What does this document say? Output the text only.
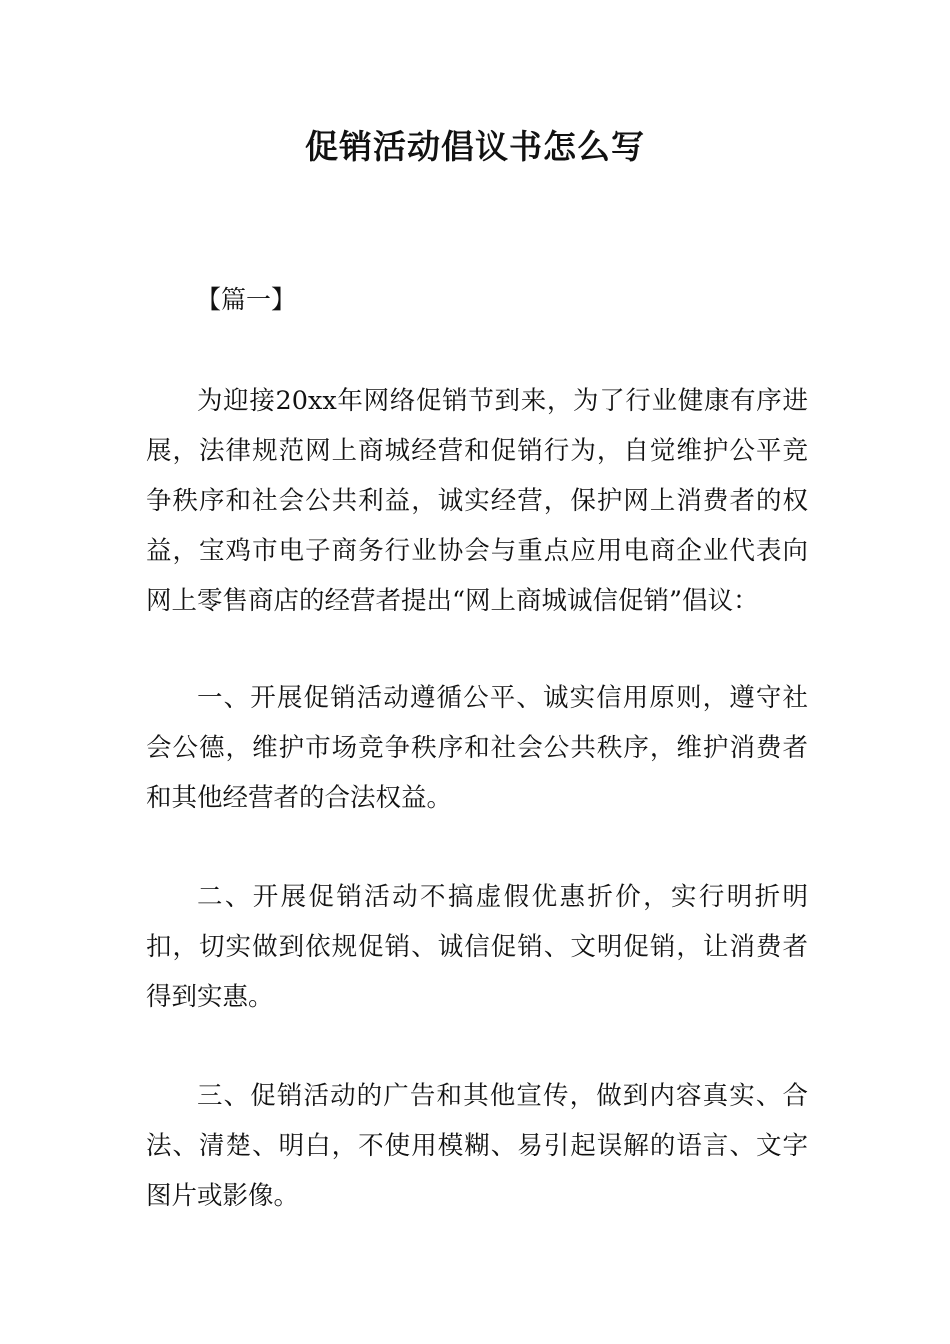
促销活动倡议书怎么写

【篇一】

为迎接20xx年网络促销节到来，为了行业健康有序进展，法律规范网上商城经营和促销行为，自觉维护公平竞争秩序和社会公共利益，诚实经营，保护网上消费者的权益，宝鸡市电子商务行业协会与重点应用电商企业代表向网上零售商店的经营者提出“网上商城诚信促销”倡议：

一、开展促销活动遵循公平、诚实信用原则，遵守社会公德，维护市场竞争秩序和社会公共秩序，维护消费者和其他经营者的合法权益。

二、开展促销活动不搞虚假优惠折价，实行明折明扣，切实做到依规促销、诚信促销、文明促销，让消费者得到实惠。

三、促销活动的广告和其他宣传，做到内容真实、合法、清楚、明白，不使用模糊、易引起误解的语言、文字图片或影像。
